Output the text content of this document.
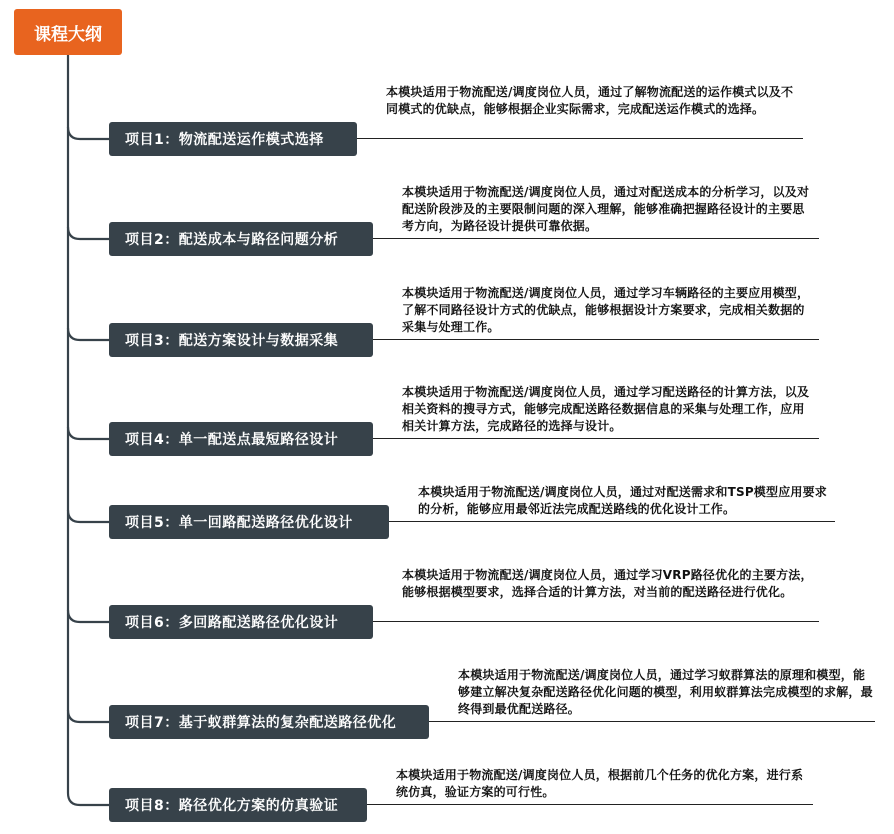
课程大纲
项目1：物流配送运作模式选择
本模块适用于物流配送/调度岗位人员，通过了解物流配送的运作模式以及不同模式的优缺点，能够根据企业实际需求，完成配送运作模式的选择。
项目2：配送成本与路径问题分析
本模块适用于物流配送/调度岗位人员，通过对配送成本的分析学习，以及对配送阶段涉及的主要限制问题的深入理解，能够准确把握路径设计的主要思考方向，为路径设计提供可靠依据。
项目3：配送方案设计与数据采集
本模块适用于物流配送/调度岗位人员，通过学习车辆路径的主要应用模型，了解不同路径设计方式的优缺点，能够根据设计方案要求，完成相关数据的采集与处理工作。
项目4：单一配送点最短路径设计
本模块适用于物流配送/调度岗位人员，通过学习配送路径的计算方法，以及相关资料的搜寻方式，能够完成配送路径数据信息的采集与处理工作，应用相关计算方法，完成路径的选择与设计。
项目5：单一回路配送路径优化设计
本模块适用于物流配送/调度岗位人员，通过对配送需求和TSP模型应用要求的分析，能够应用最邻近法完成配送路线的优化设计工作。
项目6：多回路配送路径优化设计
本模块适用于物流配送/调度岗位人员，通过学习VRP路径优化的主要方法，能够根据模型要求，选择合适的计算方法，对当前的配送路径进行优化。
项目7：基于蚁群算法的复杂配送路径优化
本模块适用于物流配送/调度岗位人员，通过学习蚁群算法的原理和模型，能够建立解决复杂配送路径优化问题的模型，利用蚁群算法完成模型的求解，最终得到最优配送路径。
项目8：路径优化方案的仿真验证
本模块适用于物流配送/调度岗位人员，根据前几个任务的优化方案，进行系统仿真，验证方案的可行性。
